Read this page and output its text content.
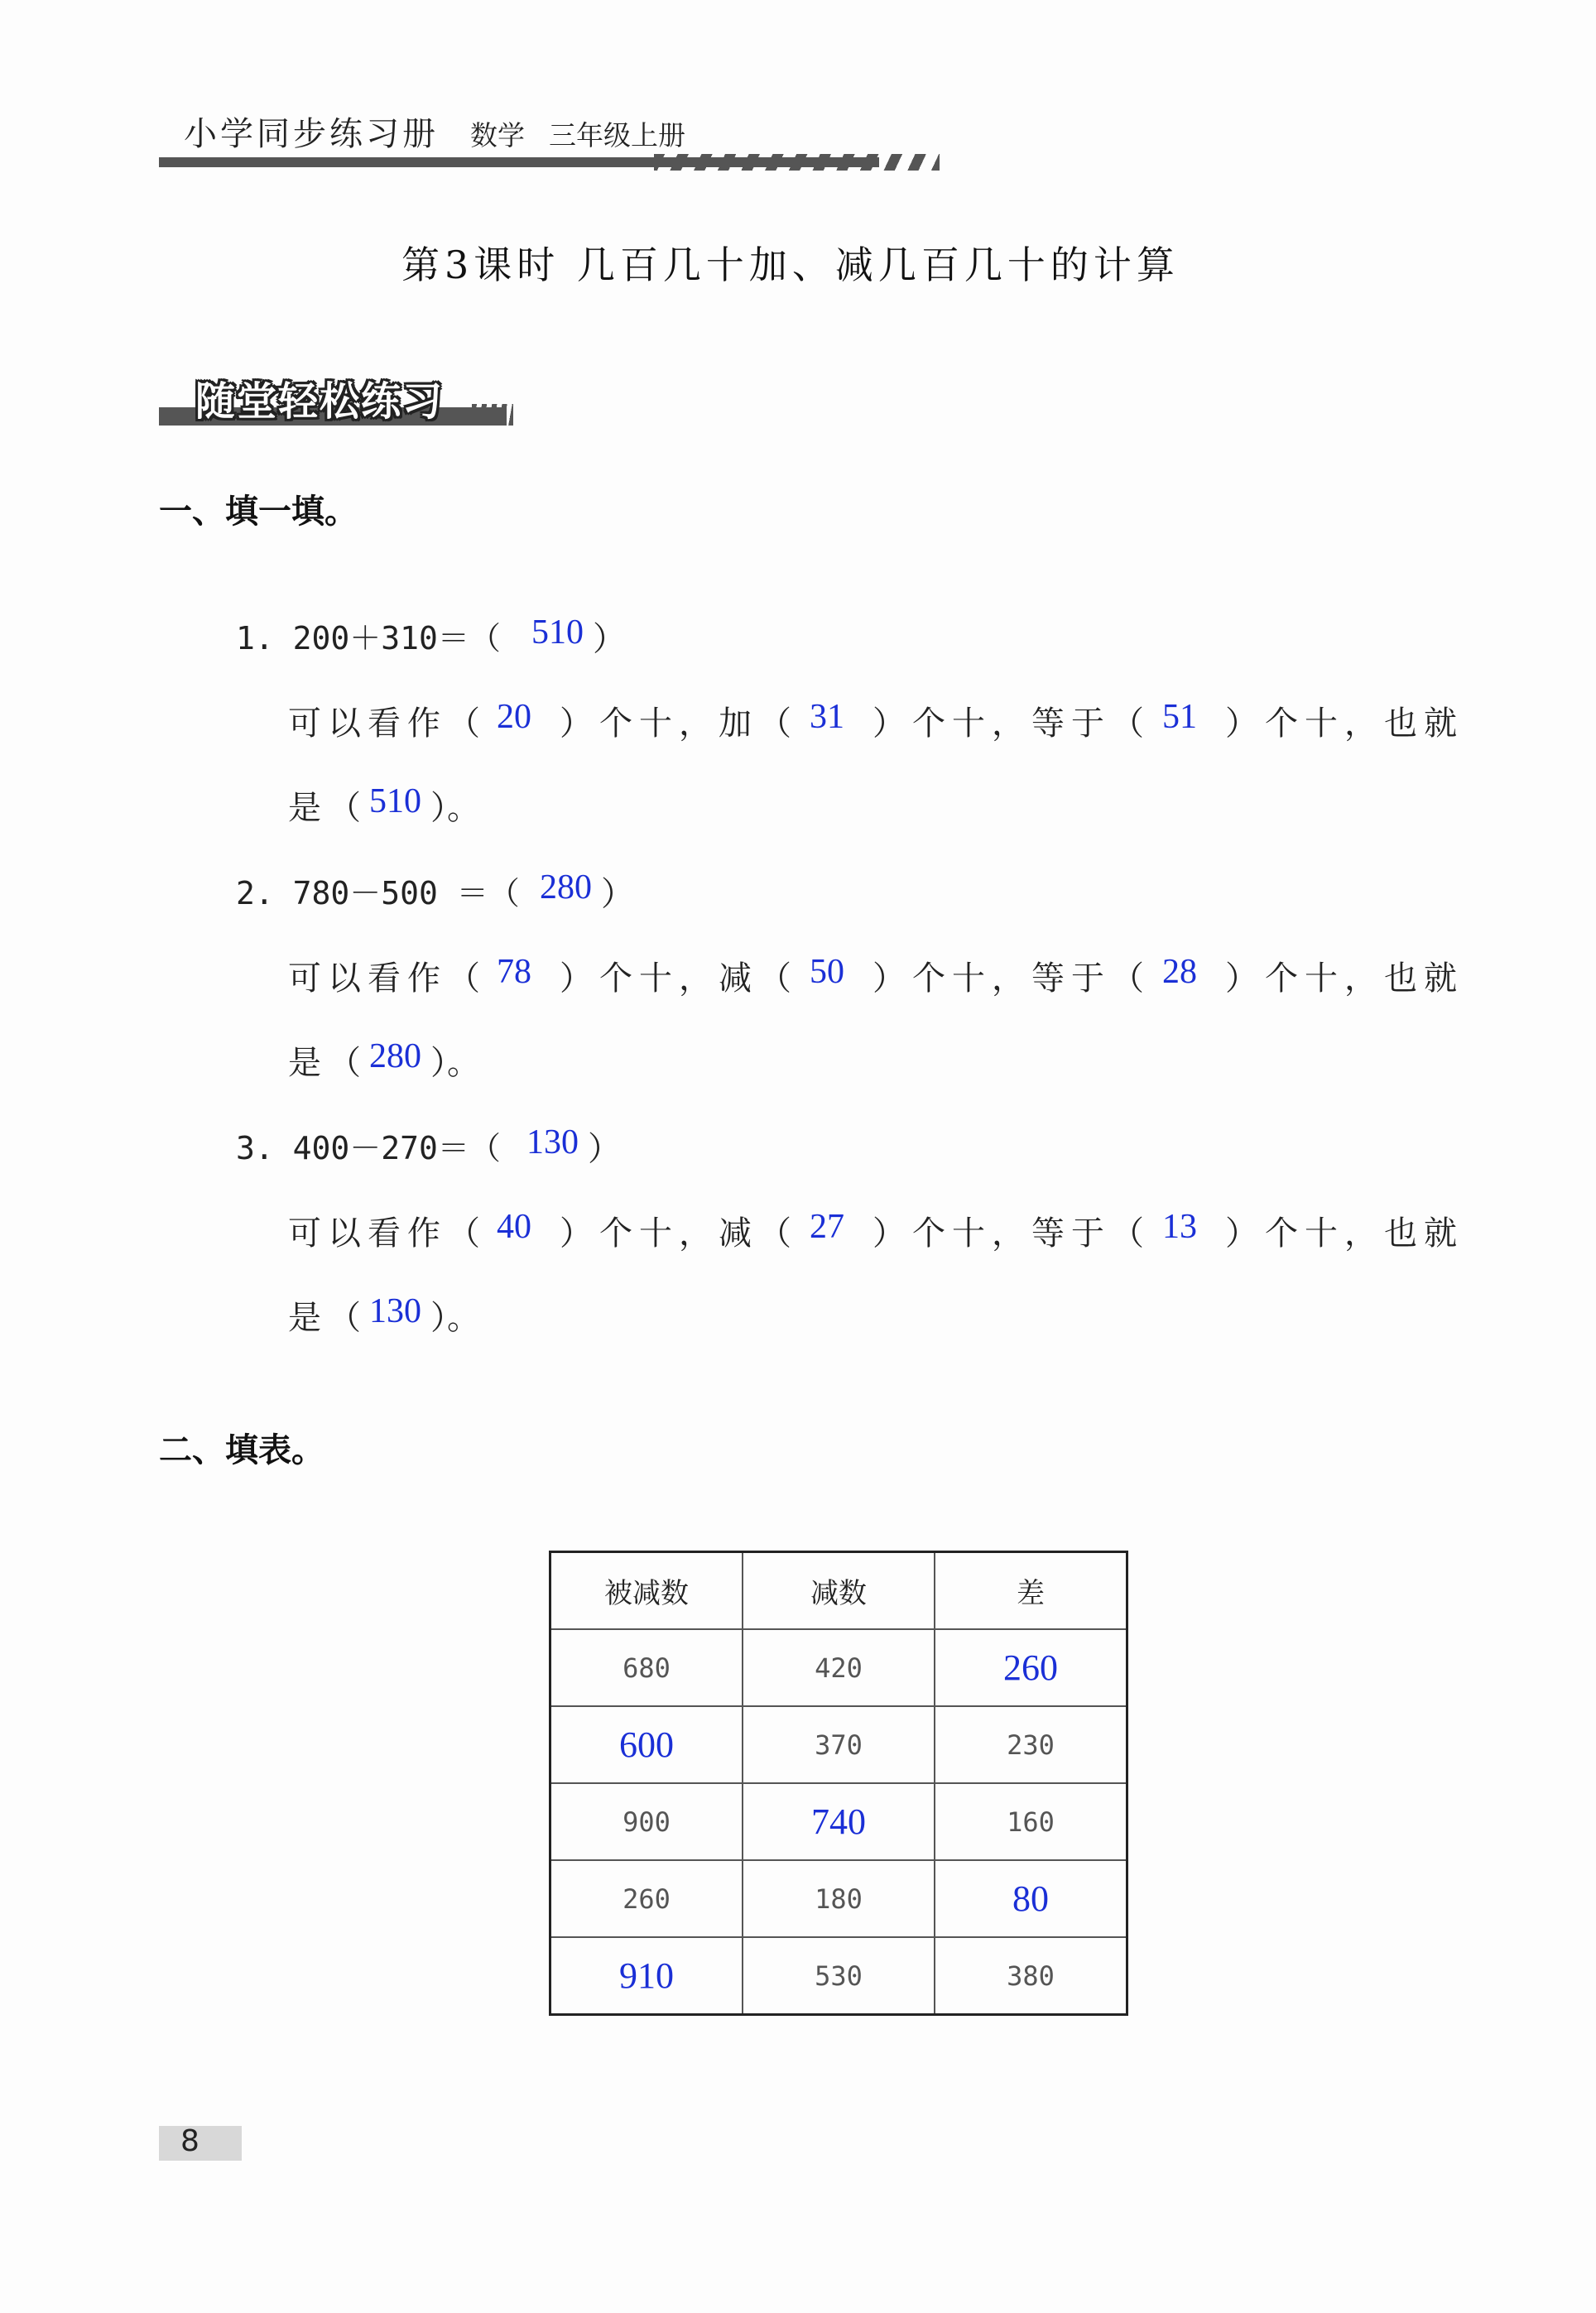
小学同步练习册 数学 三年级上册
第3课时 几百几十加、减几百几十的计算
随堂轻松练习
一、填一填。
1. 200＋310＝（ 510 ）
可以看作（ 20 ）个十，加（ 31 ）个十，等于（ 51 ）个十，也就
是（ 510 ）。
2. 780－500 ＝（ 280 ）
可以看作（ 78 ）个十，减（ 50 ）个十，等于（ 28 ）个十，也就
是（ 280 ）。
3. 400－270＝（ 130 ）
可以看作（ 40 ）个十，减（ 27 ）个十，等于（ 13 ）个十，也就
是（ 130 ）。
二、填表。
被减数	减数	差
680	420	260
600	370	230
900	740	160
260	180	80
910	530	380
8
